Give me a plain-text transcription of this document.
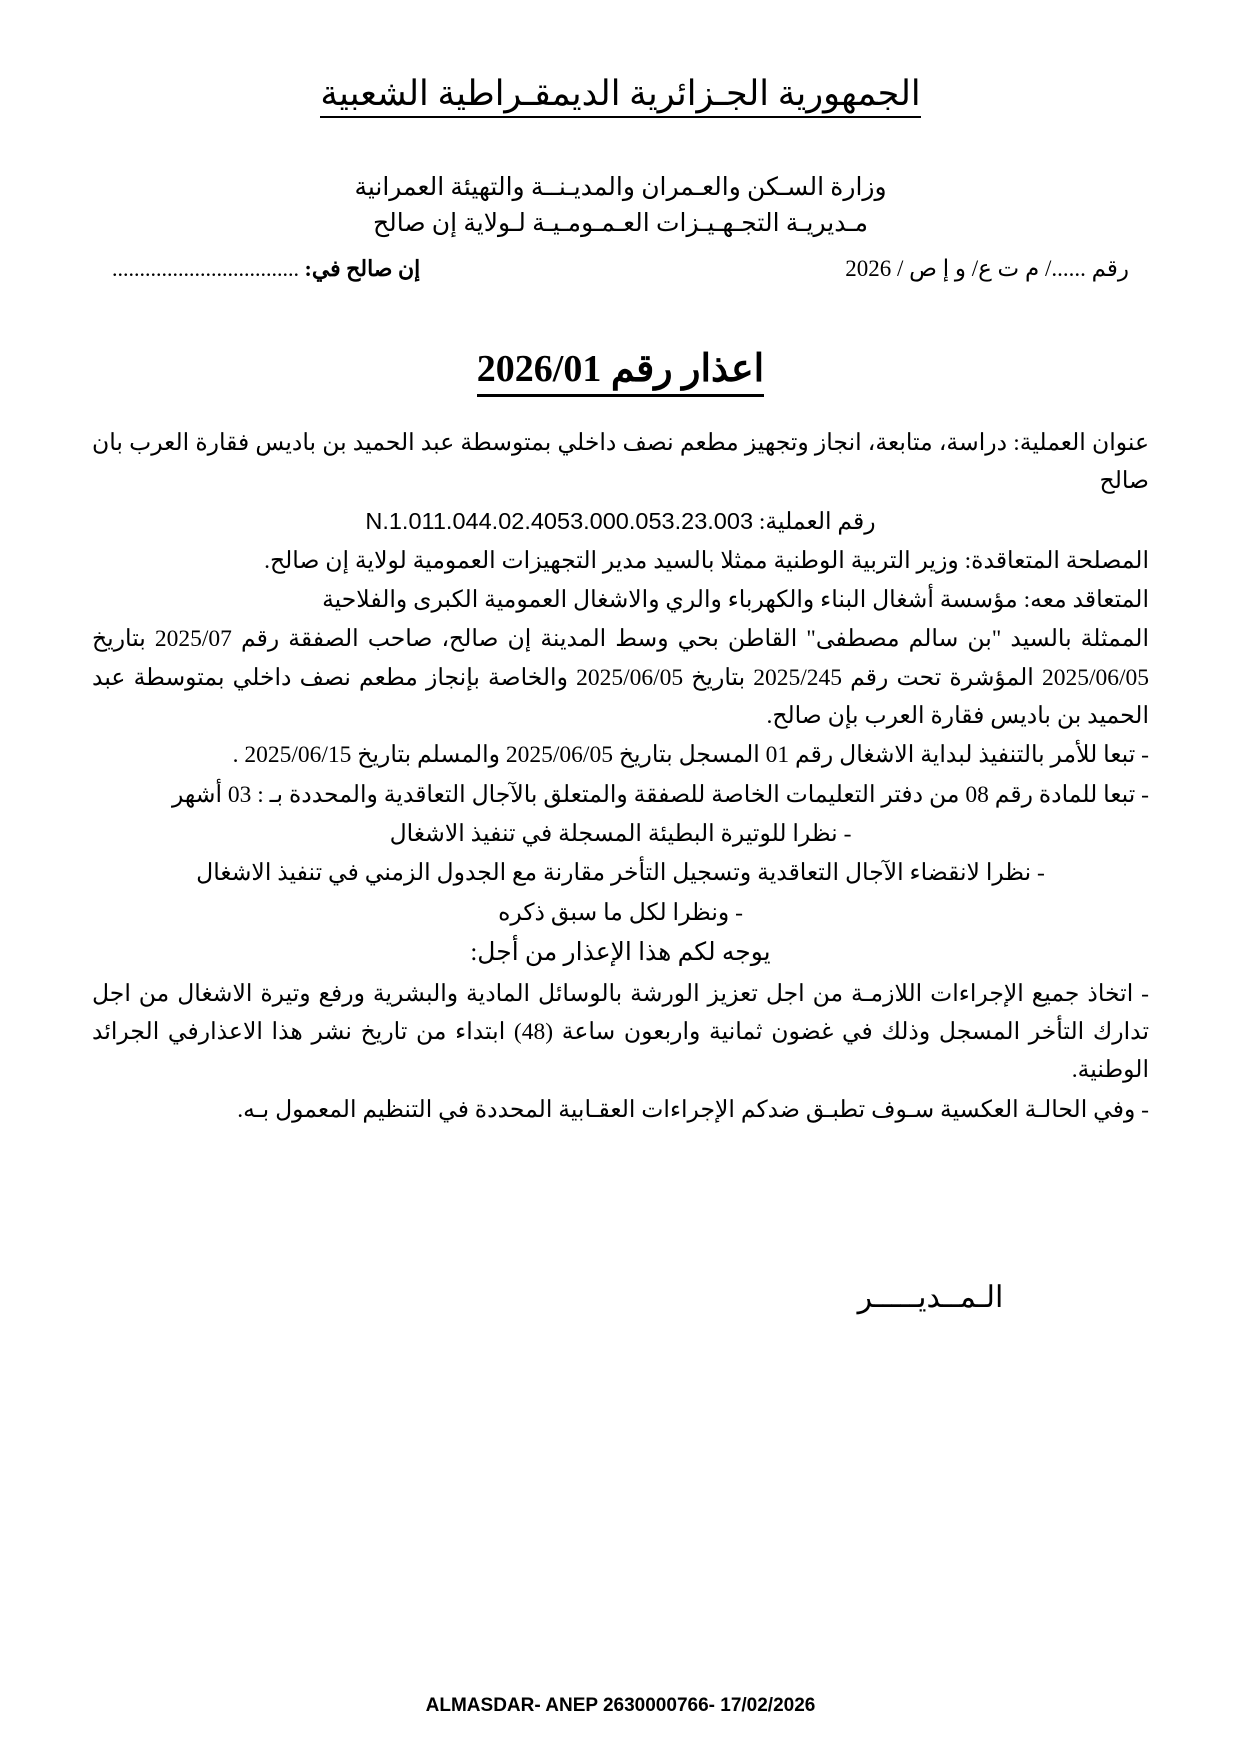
الجمهورية الجـزائرية الديمقـراطية الشعبية
وزارة السـكن والعـمران والمديـنــة والتهيئة العمرانية
مـديريـة التجـهـيـزات العـمـومـيـة لـولاية إن صالح
رقم ....../ م ت ع/ و إ ص / 2026
إن صالح في: ..................................
اعذار رقم 2026/01

عنوان العملية: دراسة، متابعة، انجاز وتجهيز مطعم نصف داخلي بمتوسطة عبد الحميد بن باديس فقارة العرب بان صالح

رقم العملية: N.1.011.044.02.4053.000.053.23.003

المصلحة المتعاقدة: وزير التربية الوطنية ممثلا بالسيد مدير التجهيزات العمومية لولاية إن صالح.

المتعاقد معه: مؤسسة أشغال البناء والكهرباء والري والاشغال العمومية الكبرى والفلاحية

الممثلة بالسيد "بن سالم مصطفى" القاطن بحي وسط المدينة إن صالح، صاحب الصفقة رقم 2025/07 بتاريخ 2025/06/05 المؤشرة تحت رقم 2025/245 بتاريخ 2025/06/05 والخاصة بإنجاز مطعم نصف داخلي بمتوسطة عبد الحميد بن باديس فقارة العرب بإن صالح.

- تبعا للأمر بالتنفيذ لبداية الاشغال رقم 01 المسجل بتاريخ 2025/06/05 والمسلم بتاريخ 2025/06/15 .

- تبعا للمادة رقم 08 من دفتر التعليمات الخاصة للصفقة والمتعلق بالآجال التعاقدية والمحددة بـ : 03 أشهر

- نظرا للوتيرة البطيئة المسجلة في تنفيذ الاشغال

- نظرا لانقضاء الآجال التعاقدية وتسجيل التأخر مقارنة مع الجدول الزمني في تنفيذ الاشغال

- ونظرا لكل ما سبق ذكره

يوجه لكم هذا الإعذار من أجل:

- اتخاذ جميع الإجراءات اللازمـة من اجل تعزيز الورشة بالوسائل المادية والبشرية ورفع وتيرة الاشغال من اجل تدارك التأخر المسجل وذلك في غضون ثمانية واربعون ساعة (48) ابتداء من تاريخ نشر هذا الاعذارفي الجرائد الوطنية.

- وفي الحالـة العكسية سـوف تطبـق ضدكم الإجراءات العقـابية المحددة في التنظيم المعمول بـه.

الـمــديـــــر
ALMASDAR- ANEP 2630000766- 17/02/2026
